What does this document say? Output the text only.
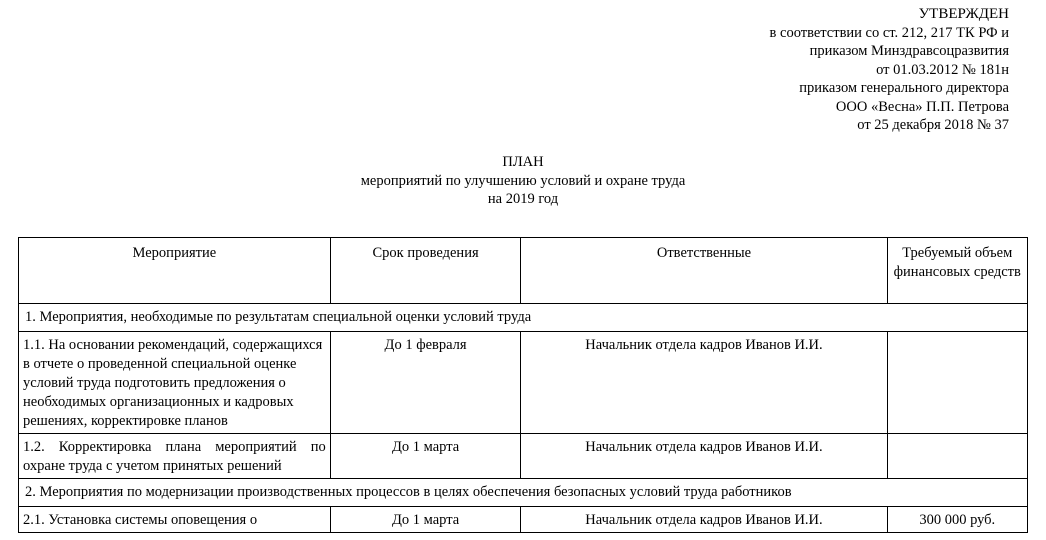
УТВЕРЖДЕН
в соответствии со ст. 212, 217 ТК РФ и
приказом Минздравсоцразвития
от 01.03.2012 № 181н
приказом генерального директора
ООО «Весна» П.П. Петрова
от 25 декабря 2018 № 37
ПЛАН
мероприятий по улучшению условий и охране труда
на 2019 год
Мероприятие	Срок проведения	Ответственные	Требуемый объем финансовых средств
1. Мероприятия, необходимые по результатам специальной оценки условий труда			
1.1. На основании рекомендаций, содержащихся в отчете о проведенной специальной оценке условий труда подготовить предложения о необходимых организационных и кадровых решениях, корректировке планов	До 1 февраля	Начальник отдела кадров Иванов И.И.	
1.2. Корректировка плана мероприятий по охране труда с учетом принятых решений	До 1 марта	Начальник отдела кадров Иванов И.И.	
2. Мероприятия по модернизации производственных процессов в целях обеспечения безопасных условий труда работников			
2.1. Установка системы оповещения о	До 1 марта	Начальник отдела кадров Иванов И.И.	300 000 руб.
